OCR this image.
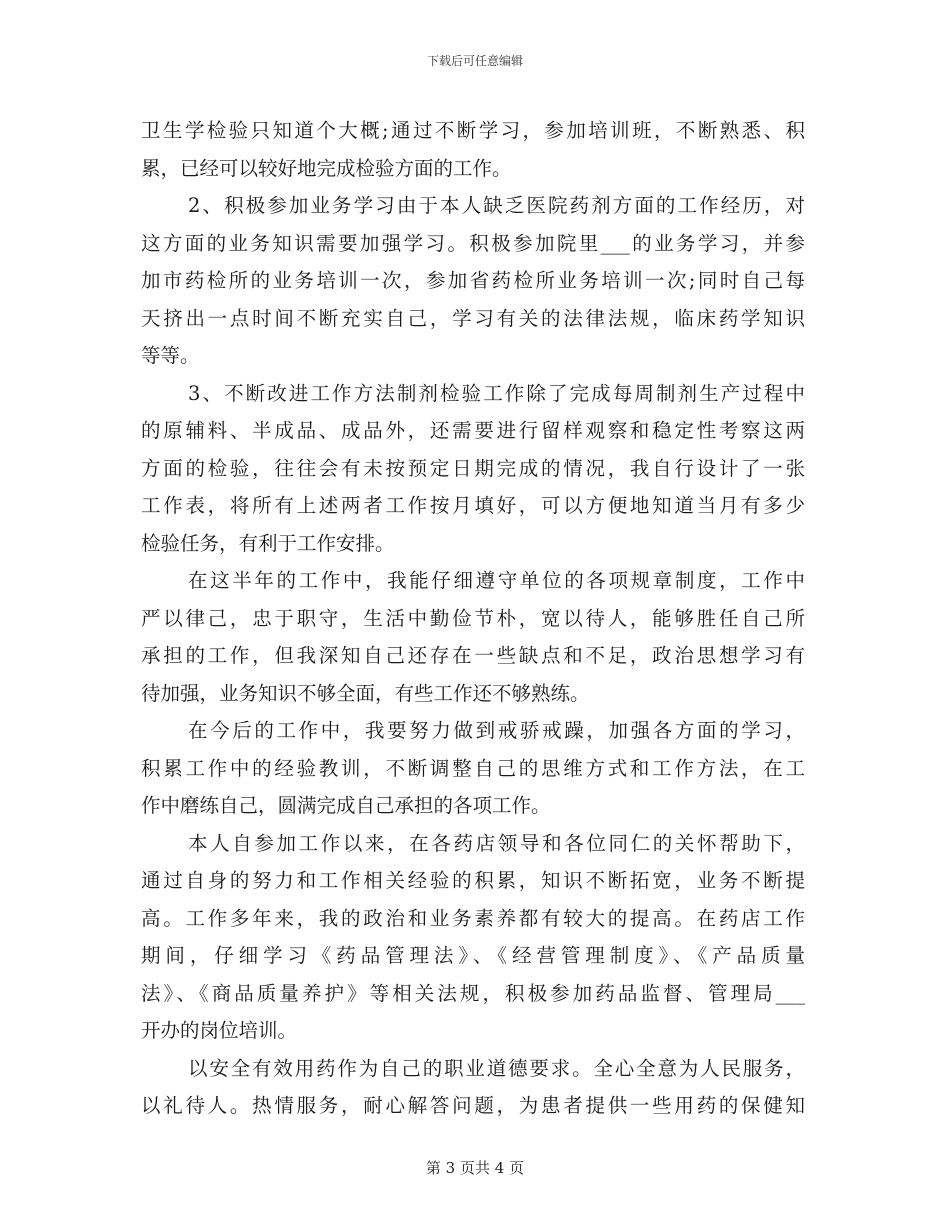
下载后可任意编辑
卫生学检验只知道个大概;通过不断学习，参加培训班，不断熟悉、积
累，已经可以较好地完成检验方面的工作。
2、积极参加业务学习由于本人缺乏医院药剂方面的工作经历，对
这方面的业务知识需要加强学习。积极参加院里___的业务学习，并参
加市药检所的业务培训一次，参加省药检所业务培训一次;同时自己每
天挤出一点时间不断充实自己，学习有关的法律法规，临床药学知识
等等。
3、不断改进工作方法制剂检验工作除了完成每周制剂生产过程中
的原辅料、半成品、成品外，还需要进行留样观察和稳定性考察这两
方面的检验，往往会有未按预定日期完成的情况，我自行设计了一张
工作表，将所有上述两者工作按月填好，可以方便地知道当月有多少
检验任务，有利于工作安排。
在这半年的工作中，我能仔细遵守单位的各项规章制度，工作中
严以律己，忠于职守，生活中勤俭节朴，宽以待人，能够胜任自己所
承担的工作，但我深知自己还存在一些缺点和不足，政治思想学习有
待加强，业务知识不够全面，有些工作还不够熟练。
在今后的工作中，我要努力做到戒骄戒躁，加强各方面的学习，
积累工作中的经验教训，不断调整自己的思维方式和工作方法，在工
作中磨练自己，圆满完成自己承担的各项工作。
本人自参加工作以来，在各药店领导和各位同仁的关怀帮助下，
通过自身的努力和工作相关经验的积累，知识不断拓宽，业务不断提
高。工作多年来，我的政治和业务素养都有较大的提高。在药店工作
期间，仔细学习《药品管理法》、《经营管理制度》、《产品质量
法》、《商品质量养护》等相关法规，积极参加药品监督、管理局___
开办的岗位培训。
以安全有效用药作为自己的职业道德要求。全心全意为人民服务，
以礼待人。热情服务，耐心解答问题，为患者提供一些用药的保健知
第 3 页共 4 页
